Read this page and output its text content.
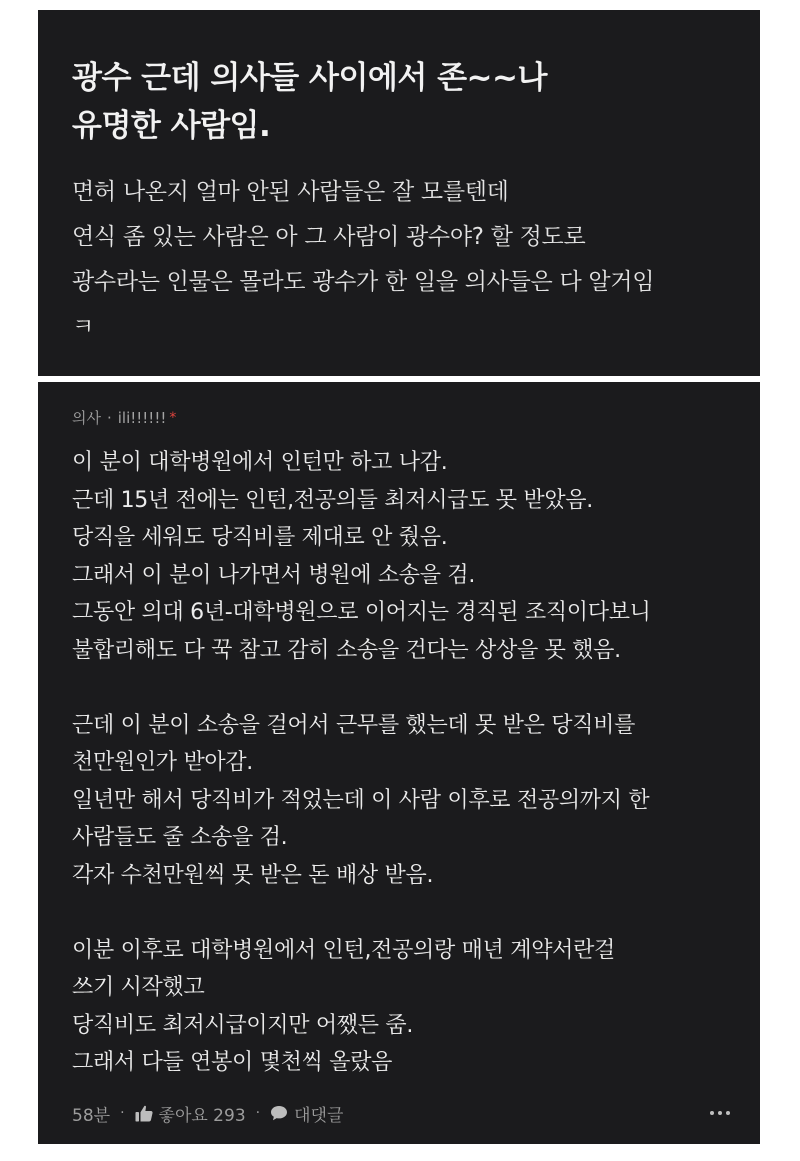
광수 근데 의사들 사이에서 존~~나
유명한 사람임.
면허 나온지 얼마 안된 사람들은 잘 모를텐데
연식 좀 있는 사람은 아 그 사람이 광수야? 할 정도로
광수라는 인물은 몰라도 광수가 한 일을 의사들은 다 알거임
ㅋ
의사 · ili!!!!!! *
이 분이 대학병원에서 인턴만 하고 나감.
근데 15년 전에는 인턴,전공의들 최저시급도 못 받았음.
당직을 세워도 당직비를 제대로 안 줬음.
그래서 이 분이 나가면서 병원에 소송을 검.
그동안 의대 6년-대학병원으로 이어지는 경직된 조직이다보니
불합리해도 다 꾹 참고 감히 소송을 건다는 상상을 못 했음.
근데 이 분이 소송을 걸어서 근무를 했는데 못 받은 당직비를
천만원인가 받아감.
일년만 해서 당직비가 적었는데 이 사람 이후로 전공의까지 한
사람들도 줄 소송을 검.
각자 수천만원씩 못 받은 돈 배상 받음.
이분 이후로 대학병원에서 인턴,전공의랑 매년 계약서란걸
쓰기 시작했고
당직비도 최저시급이지만 어쨌든 줌.
그래서 다들 연봉이 몇천씩 올랐음
58분 · 좋아요 293 · 대댓글
